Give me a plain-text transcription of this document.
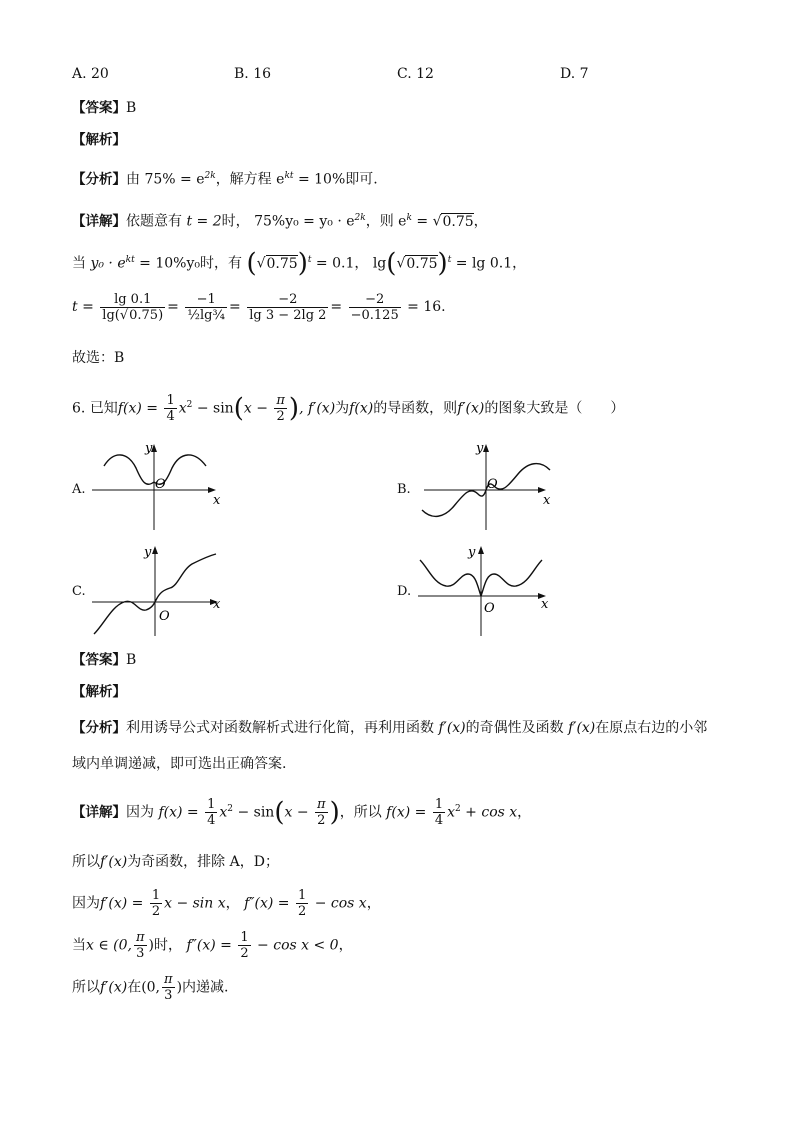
A. 20	B. 16	C. 12	D. 7
【答案】B
【解析】
【分析】由 $75\% = e^{2k}$，解方程 $e^{kt} = 10\%$即可.
【详解】依题意有 t = 2时， $75\%y_0 = y_0 \cdot e^{2k}$，则 $e^k = √0.75$，
当 $y_0 \cdot e^{kt} = 10\%y_0$时，有 $(√0.75)^t = 0.1$， $\lg(√0.75)^t = \lg 0.1$，
$t = \frac{\lg 0.1}{\lg(√0.75)} = \frac{-1}{\text{½lg¾}} = \frac{-2}{\lg 3 - 2\lg 2} = \frac{-2}{-0.125} = 16$.
故选：B
6. 已知$f(x) = \frac{1}{4} x^2 - \sin(x - \frac{\pi}{2}$ ), f′(x)为f(x)的导函数，则f′(x)的图象大致是（　　）
A.
y
x
O	B.
y
x
O
C.
y
x
O
D.
y
x
O
【答案】B
【解析】
【分析】利用诱导公式对函数解析式进行化简，再利用函数 f′(x)的奇偶性及函数 f′(x)在原点右边的小邻
域内单调递减，即可选出正确答案.
【详解】因为 $f(x) = \frac{1}{4} x^2 - \sin(x - \frac{\pi}{2}$ )，所以 $f(x) = \frac{1}{4} x^2 + \cos x$，
所以f′(x)为奇函数，排除 A，D；
因为$f'(x) = \frac{1}{2}$ x − sin x， $f''(x) = \frac{1}{2} - \cos x$，
当x ∈ (0, $\frac{\pi}{3}$ )时， $f''(x) = \frac{1}{2} - \cos x < 0$，
所以f′(x)在(0, $\frac{\pi}{3}$ )内递减.
